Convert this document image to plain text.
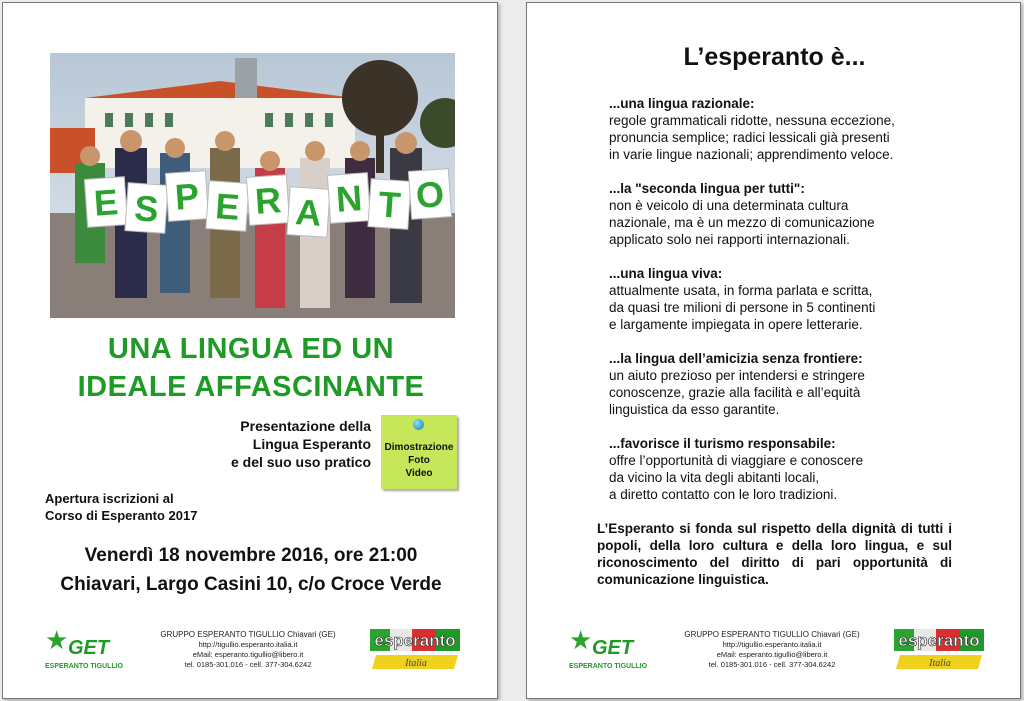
E S P E R A N T O
UNA LINGUA ED UN
IDEALE AFFASCINANTE
Presentazione della
Lingua Esperanto
e del suo uso pratico
Dimostrazione
Foto
Video
Apertura iscrizioni al
Corso di Esperanto 2017
Venerdì 18 novembre 2016, ore 21:00
Chiavari, Largo Casini 10, c/o Croce Verde
★ GET
ESPERANTO TIGULLIO
GRUPPO ESPERANTO TIGULLIO Chiavari (GE)
http://tigullio.esperanto.italia.it
eMail: esperanto.tigullio@libero.it
tel. 0185-301.016 - cell. 377-304.6242
esperanto
Italia
L’esperanto è...
...una lingua razionale:
regole grammaticali ridotte, nessuna eccezione,
pronuncia semplice; radici lessicali già presenti
in varie lingue nazionali; apprendimento veloce.
...la "seconda lingua per tutti":
non è veicolo di una determinata cultura
nazionale, ma è un mezzo di comunicazione
applicato solo nei rapporti internazionali.
...una lingua viva:
attualmente usata, in forma parlata e scritta,
da quasi tre milioni di persone in 5 continenti
e largamente impiegata in opere letterarie.
...la lingua dell’amicizia senza frontiere:
un aiuto prezioso per intendersi e stringere
conoscenze, grazie alla facilità e all’equità
linguistica da esso garantite.
...favorisce il turismo responsabile:
offre l’opportunità di viaggiare e conoscere
da vicino la vita degli abitanti locali,
a diretto contatto con le loro tradizioni.
L’Esperanto si fonda sul rispetto della dignità di tutti i popoli, della loro cultura e della loro lingua, e sul riconoscimento del diritto di pari opportunità di comunicazione linguistica.
★ GET
ESPERANTO TIGULLIO
GRUPPO ESPERANTO TIGULLIO Chiavari (GE)
http://tigullio.esperanto.italia.it
eMail: esperanto.tigullio@libero.it
tel. 0185-301.016 - cell. 377-304.6242
esperanto
Italia
